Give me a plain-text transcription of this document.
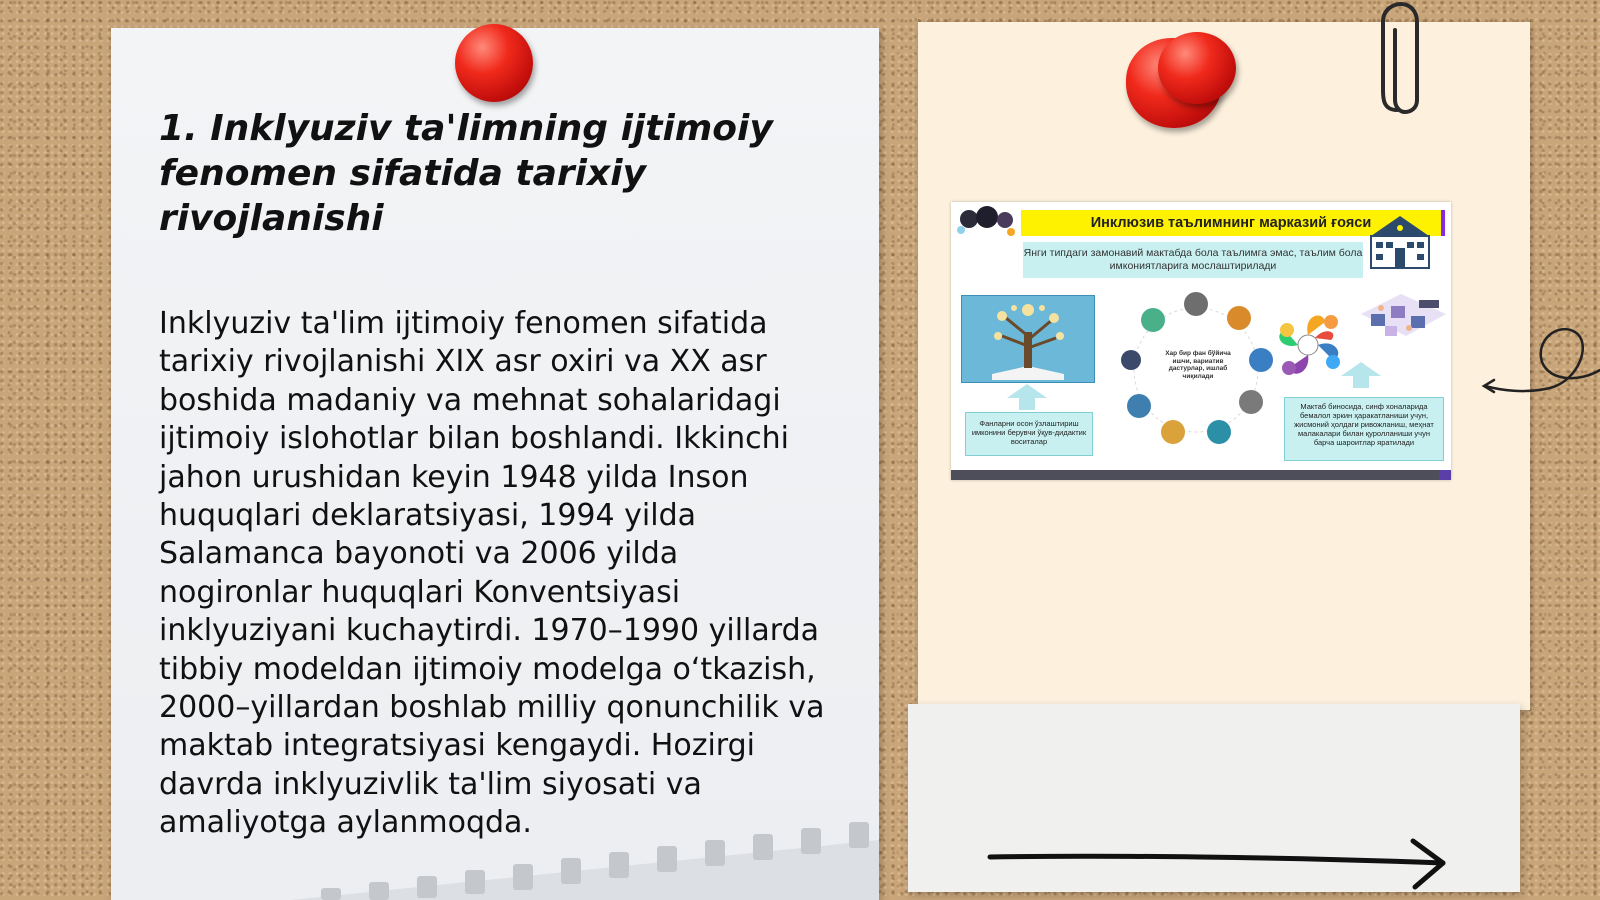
1. Inklyuziv ta'limning ijtimoiy fenomen sifatida tarixiy rivojlanishi

Inklyuziv ta'lim ijtimoiy fenomen sifatida tarixiy rivojlanishi XIX asr oxiri va XX asr boshida madaniy va mehnat sohalaridagi ijtimoiy islohotlar bilan boshlandi. Ikkinchi jahon urushidan keyin 1948 yilda Inson huquqlari deklaratsiyasi, 1994 yilda Salamanca bayonoti va 2006 yilda nogironlar huquqlari Konventsiyasi inklyuziyani kuchaytirdi. 1970–1990 yillarda tibbiy modeldan ijtimoiy modelga o‘tkazish, 2000–yillardan boshlab milliy qonunchilik va maktab integratsiyasi kengaydi. Hozirgi davrda inklyuzivlik ta'lim siyosati va amaliyotga aylanmoqda.

Инклюзив таълимнинг марказий ғояси
Янги типдаги замонавий мактабда бола таълимга эмас, таълим бола имкониятларига мослаштирилади
Фанларни осон ўзлаштириш имконини берувчи ўқув-дидактик воситалар
Мактаб биносида, синф хоналарида бемалол эркин ҳаракатланиши учун, жисмоний ҳолдаги ривожланиш, меҳнат малакалари билан қуролланиши учун барча шароитлар яратилади
Хар бир фан бўйича ишчи, вариатив дастурлар, ишлаб чиқилади
